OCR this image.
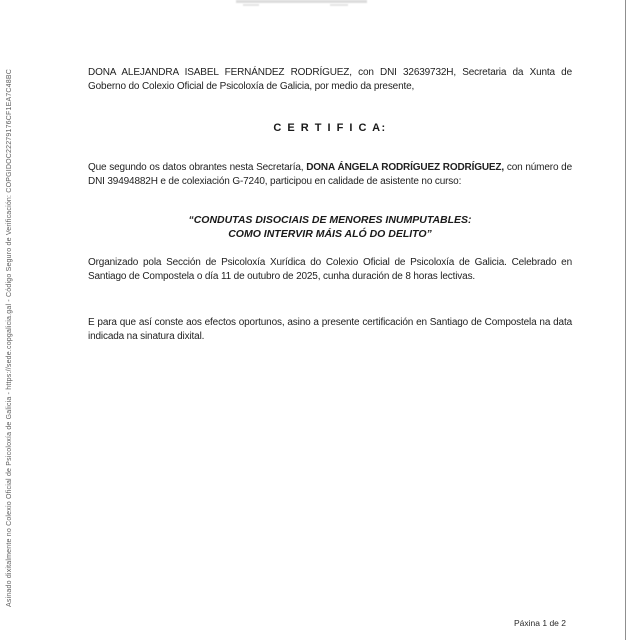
Asinado dixitalmente no Colexio Oficial de Psicoloxía de Galicia - https://sede.copgalicia.gal - Código Seguro de Verificación: COPGIDOC22279176CF1EA7C48BC	DONA ALEJANDRA ISABEL FERNÁNDEZ RODRÍGUEZ, con DNI 32639732H, Secretaria da Xunta de Goberno do Colexio Oficial de Psicoloxía de Galicia, por medio da presente,

C E R T I F I C A:

Que segundo os datos obrantes nesta Secretaría, DONA ÁNGELA RODRÍGUEZ RODRÍGUEZ, con número de DNI 39494882H e de colexiación G-7240, participou en calidade de asistente no curso:

“CONDUTAS DISOCIAIS DE MENORES INUMPUTABLES:
COMO INTERVIR MÁIS ALÓ DO DELITO”

Organizado pola Sección de Psicoloxía Xurídica do Colexio Oficial de Psicoloxía de Galicia. Celebrado en Santiago de Compostela o día 11 de outubro de 2025, cunha duración de 8 horas lectivas.

E para que así conste aos efectos oportunos, asino a presente certificación en Santiago de Compostela na data indicada na sinatura dixital.

Páxina 1 de 2
